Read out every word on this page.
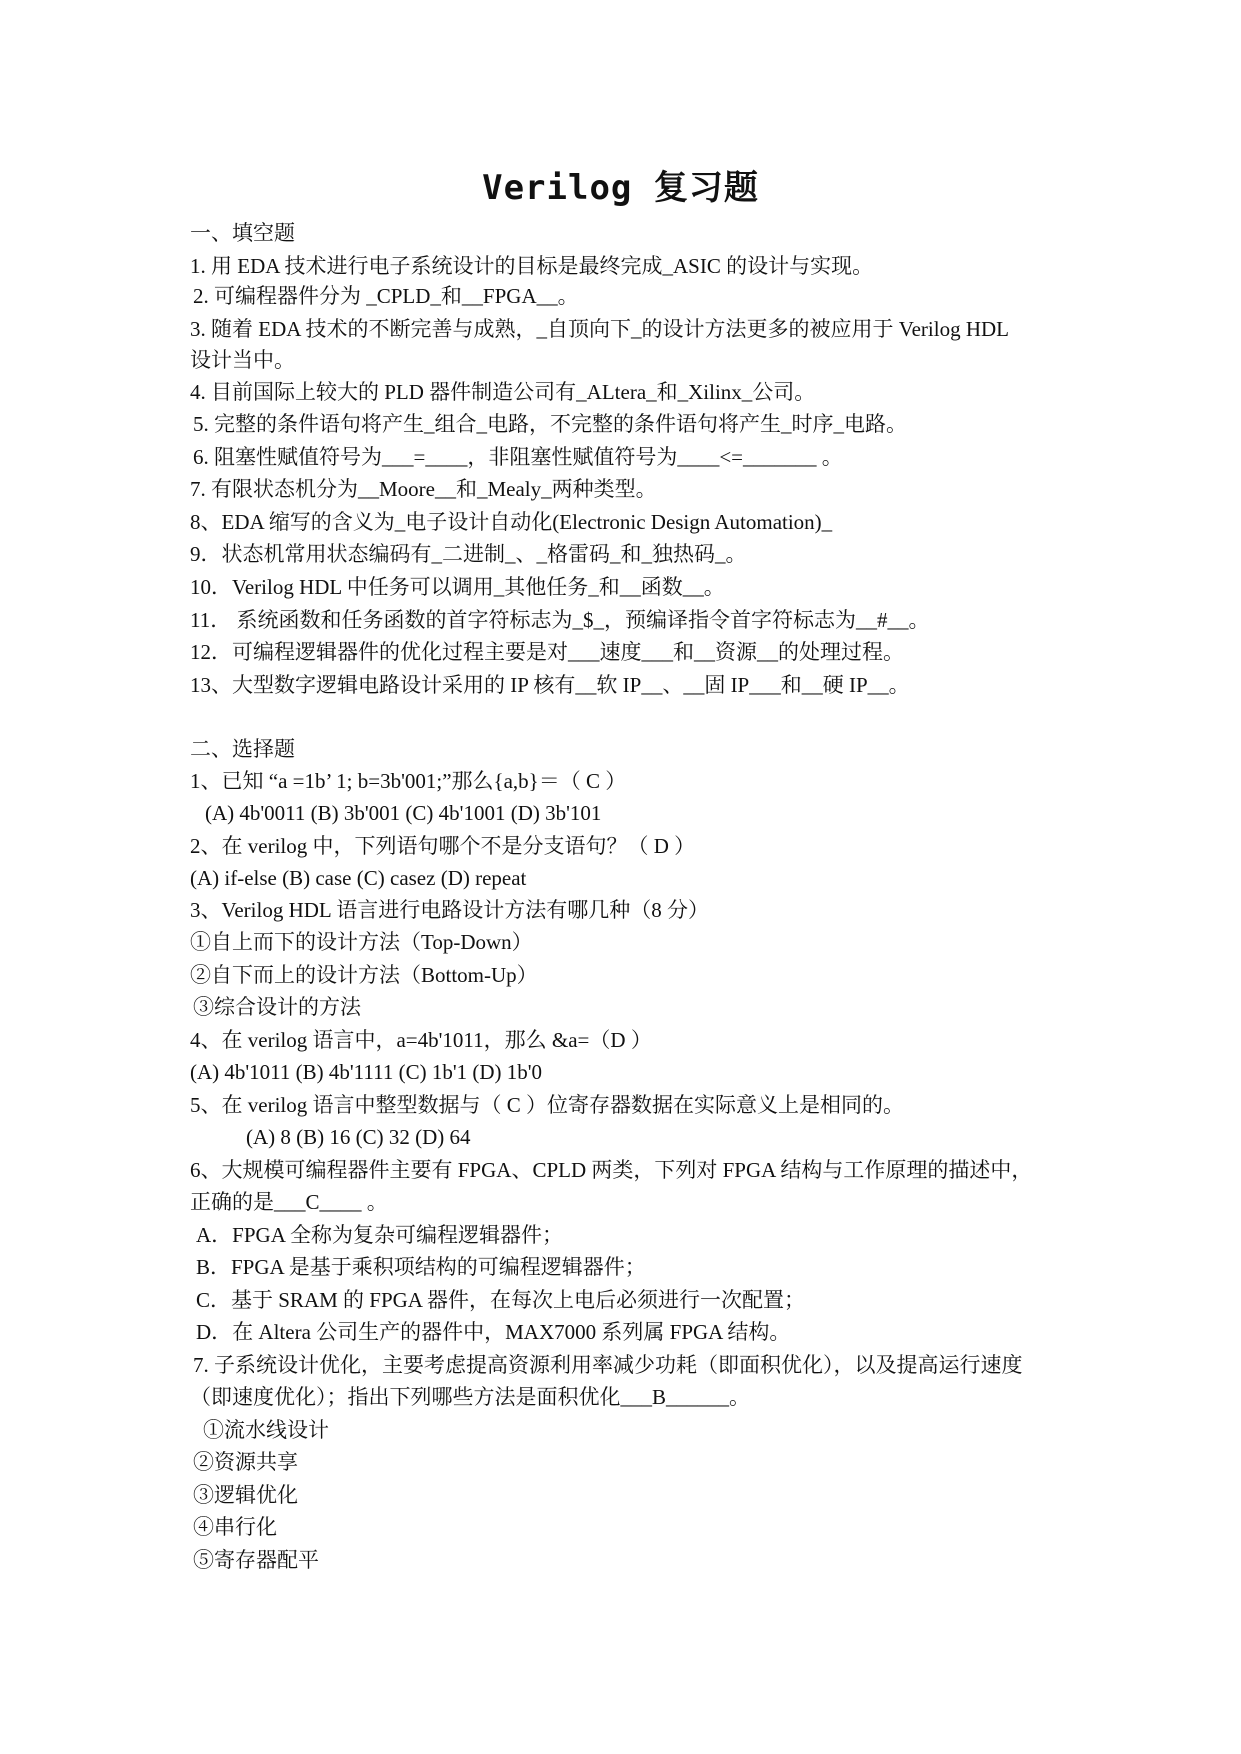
Verilog 复习题
一、填空题
1. 用 EDA 技术进行电子系统设计的目标是最终完成_ASIC 的设计与实现。
2. 可编程器件分为 _CPLD_和__FPGA__。
3. 随着 EDA 技术的不断完善与成熟，_自顶向下_的设计方法更多的被应用于 Verilog HDL
设计当中。
4. 目前国际上较大的 PLD 器件制造公司有_ALtera_和_Xilinx_公司。
5. 完整的条件语句将产生_组合_电路，不完整的条件语句将产生_时序_电路。
6. 阻塞性赋值符号为___=____，非阻塞性赋值符号为____<=_______ 。
7. 有限状态机分为__Moore__和_Mealy_两种类型。
8、EDA 缩写的含义为_电子设计自动化(Electronic Design Automation)_
9．状态机常用状态编码有_二进制_、_格雷码_和_独热码_。
10．Verilog HDL 中任务可以调用_其他任务_和__函数__。
11． 系统函数和任务函数的首字符标志为_$_，预编译指令首字符标志为__#__。
12．可编程逻辑器件的优化过程主要是对___速度___和__资源__的处理过程。
13、大型数字逻辑电路设计采用的 IP 核有__软 IP__、__固 IP___和__硬 IP__。
二、选择题
1、已知 “a =1b’ 1; b=3b'001;”那么{a,b}＝（ C ）
(A) 4b'0011 (B) 3b'001 (C) 4b'1001 (D) 3b'101
2、在 verilog 中，下列语句哪个不是分支语句？（ D ）
(A) if-else (B) case (C) casez (D) repeat
3、Verilog HDL 语言进行电路设计方法有哪几种（8 分）
①自上而下的设计方法（Top-Down）
②自下而上的设计方法（Bottom-Up）
③综合设计的方法
4、在 verilog 语言中，a=4b'1011，那么 &a=（D ）
(A) 4b'1011 (B) 4b'1111 (C) 1b'1 (D) 1b'0
5、在 verilog 语言中整型数据与（ C ）位寄存器数据在实际意义上是相同的。
(A) 8 (B) 16 (C) 32 (D) 64
6、大规模可编程器件主要有 FPGA、CPLD 两类，下列对 FPGA 结构与工作原理的描述中，
正确的是___C____ 。
A．FPGA 全称为复杂可编程逻辑器件；
B．FPGA 是基于乘积项结构的可编程逻辑器件；
C．基于 SRAM 的 FPGA 器件，在每次上电后必须进行一次配置；
D．在 Altera 公司生产的器件中，MAX7000 系列属 FPGA 结构。
7. 子系统设计优化，主要考虑提高资源利用率减少功耗（即面积优化），以及提高运行速度
（即速度优化）；指出下列哪些方法是面积优化___B______。
①流水线设计
②资源共享
③逻辑优化
④串行化
⑤寄存器配平
